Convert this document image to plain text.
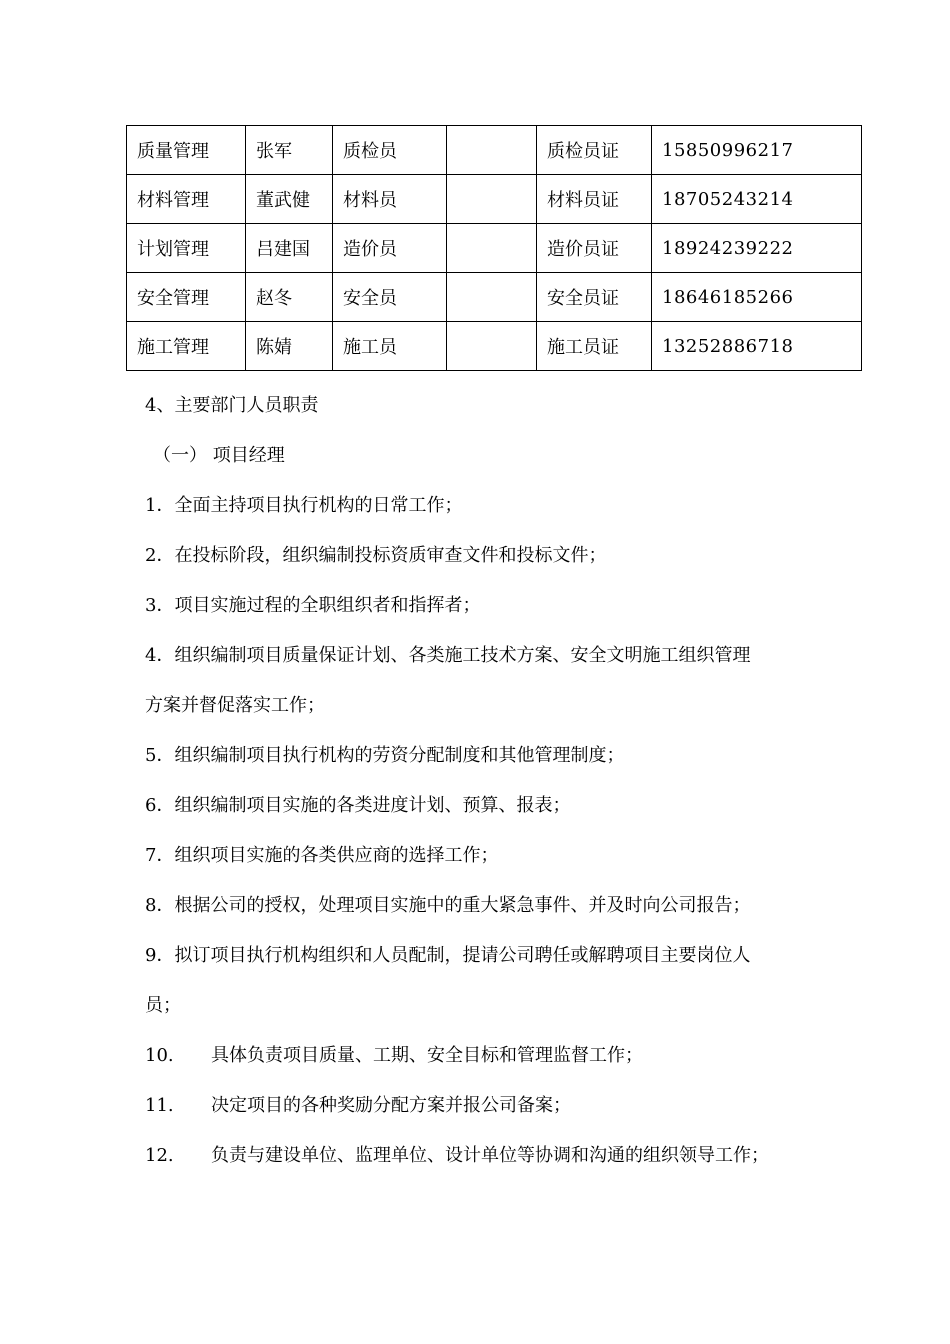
质量管理	张军	质检员		质检员证	15850996217
材料管理	董武健	材料员		材料员证	18705243214
计划管理	吕建国	造价员		造价员证	18924239222
安全管理	赵冬	安全员		安全员证	18646185266
施工管理	陈婧	施工员		施工员证	13252886718
4、主要部门人员职责
（一） 项目经理
1．全面主持项目执行机构的日常工作；
2．在投标阶段，组织编制投标资质审查文件和投标文件；
3．项目实施过程的全职组织者和指挥者；
4．组织编制项目质量保证计划、各类施工技术方案、安全文明施工组织管理
方案并督促落实工作；
5．组织编制项目执行机构的劳资分配制度和其他管理制度；
6．组织编制项目实施的各类进度计划、预算、报表；
7．组织项目实施的各类供应商的选择工作；
8．根据公司的授权，处理项目实施中的重大紧急事件、并及时向公司报告；
9．拟订项目执行机构组织和人员配制，提请公司聘任或解聘项目主要岗位人
员；
10. 具体负责项目质量、工期、安全目标和管理监督工作；
11. 决定项目的各种奖励分配方案并报公司备案；
12. 负责与建设单位、监理单位、设计单位等协调和沟通的组织领导工作；
